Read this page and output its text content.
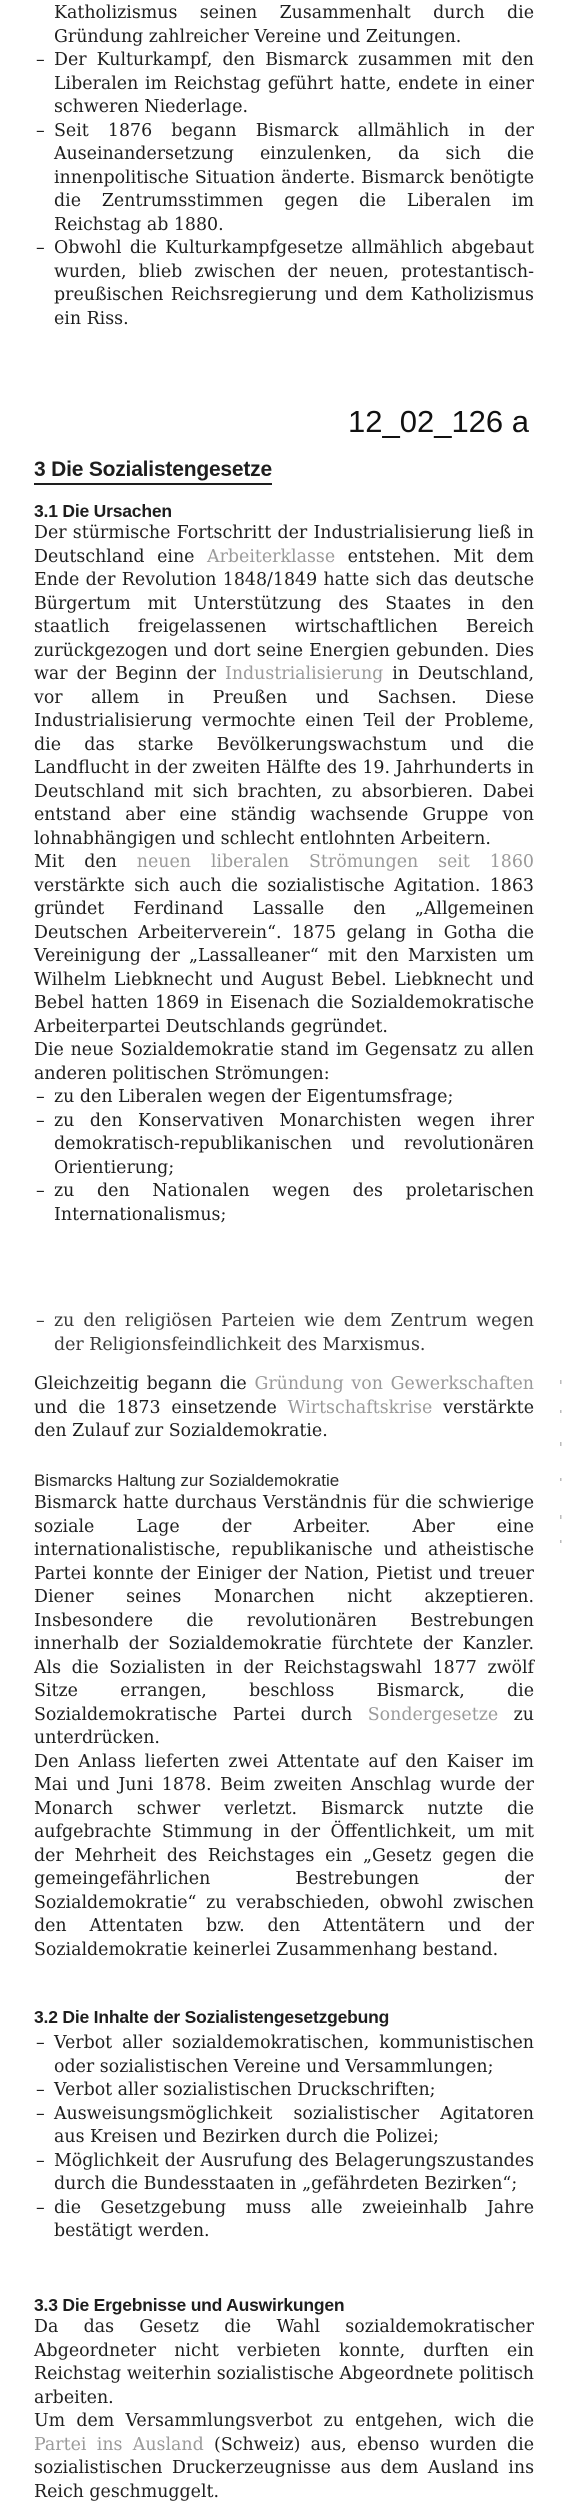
Katholizismus seinen Zusammenhalt durch die Gründung zahlreicher Vereine und Zeitungen.
– Der Kulturkampf, den Bismarck zusammen mit den Liberalen im Reichstag geführt hatte, endete in einer schweren Niederlage.
– Seit 1876 begann Bismarck allmählich in der Auseinandersetzung einzulenken, da sich die innenpolitische Situation änderte. Bismarck benötigte die Zentrumsstimmen gegen die Liberalen im Reichstag ab 1880.
– Obwohl die Kulturkampfgesetze allmählich abgebaut wurden, blieb zwischen der neuen, protestantisch-preußischen Reichsregierung und dem Katholizismus ein Riss.
12_02_126 a
3 Die Sozialistengesetze
3.1 Die Ursachen

Der stürmische Fortschritt der Industrialisierung ließ in Deutschland eine Arbeiterklasse entstehen. Mit dem Ende der Revolution 1848/1849 hatte sich das deutsche Bürgertum mit Unterstützung des Staates in den staatlich freigelassenen wirtschaftlichen Bereich zurückgezogen und dort seine Energien gebunden. Dies war der Beginn der Industrialisierung in Deutschland, vor allem in Preußen und Sachsen. Diese Industrialisierung vermochte einen Teil der Probleme, die das starke Bevölkerungswachstum und die Landflucht in der zweiten Hälfte des 19. Jahrhunderts in Deutschland mit sich brachten, zu absorbieren. Dabei entstand aber eine ständig wachsende Gruppe von lohnabhängigen und schlecht entlohnten Arbeitern.

Mit den neuen liberalen Strömungen seit 1860 verstärkte sich auch die sozialistische Agitation. 1863 gründet Ferdinand Lassalle den „Allgemeinen Deutschen Arbeiterverein“. 1875 gelang in Gotha die Vereinigung der „Lassalleaner“ mit den Marxisten um Wilhelm Liebknecht und August Bebel. Liebknecht und Bebel hatten 1869 in Eisenach die Sozialdemokratische Arbeiterpartei Deutschlands gegründet.

Die neue Sozialdemokratie stand im Gegensatz zu allen anderen politischen Strömungen:

– zu den Liberalen wegen der Eigentumsfrage;
– zu den Konservativen Monarchisten wegen ihrer demokratisch-republikanischen und revolutionären Orientierung;
– zu den Nationalen wegen des proletarischen Internationalismus;
– zu den religiösen Parteien wie dem Zentrum wegen der Religionsfeindlichkeit des Marxismus.

Gleichzeitig begann die Gründung von Gewerkschaften und die 1873 einsetzende Wirtschaftskrise verstärkte den Zulauf zur Sozialdemokratie.

Bismarcks Haltung zur Sozialdemokratie

Bismarck hatte durchaus Verständnis für die schwierige soziale Lage der Arbeiter. Aber eine internationalistische, republikanische und atheistische Partei konnte der Einiger der Nation, Pietist und treuer Diener seines Monarchen nicht akzeptieren. Insbesondere die revolutionären Bestrebungen innerhalb der Sozialdemokratie fürchtete der Kanzler. Als die Sozialisten in der Reichstagswahl 1877 zwölf Sitze errangen, beschloss Bismarck, die Sozialdemokratische Partei durch Sondergesetze zu unterdrücken.

Den Anlass lieferten zwei Attentate auf den Kaiser im Mai und Juni 1878. Beim zweiten Anschlag wurde der Monarch schwer verletzt. Bismarck nutzte die aufgebrachte Stimmung in der Öffentlichkeit, um mit der Mehrheit des Reichstages ein „Gesetz gegen die gemeingefährlichen Bestrebungen der Sozialdemokratie“ zu verabschieden, obwohl zwischen den Attentaten bzw. den Attentätern und der Sozialdemokratie keinerlei Zusammenhang bestand.

3.2 Die Inhalte der Sozialistengesetzgebung
– Verbot aller sozialdemokratischen, kommunistischen oder sozialistischen Vereine und Versammlungen;
– Verbot aller sozialistischen Druckschriften;
– Ausweisungsmöglichkeit sozialistischer Agitatoren aus Kreisen und Bezirken durch die Polizei;
– Möglichkeit der Ausrufung des Belagerungszustandes durch die Bundesstaaten in „gefährdeten Bezirken“;
– die Gesetzgebung muss alle zweieinhalb Jahre bestätigt werden.
3.3 Die Ergebnisse und Auswirkungen

Da das Gesetz die Wahl sozialdemokratischer Abgeordneter nicht verbieten konnte, durften ein Reichstag weiterhin sozialistische Abgeordnete politisch arbeiten.

Um dem Versammlungsverbot zu entgehen, wich die Partei ins Ausland (Schweiz) aus, ebenso wurden die sozialistischen Druckerzeugnisse aus dem Ausland ins Reich geschmuggelt.
